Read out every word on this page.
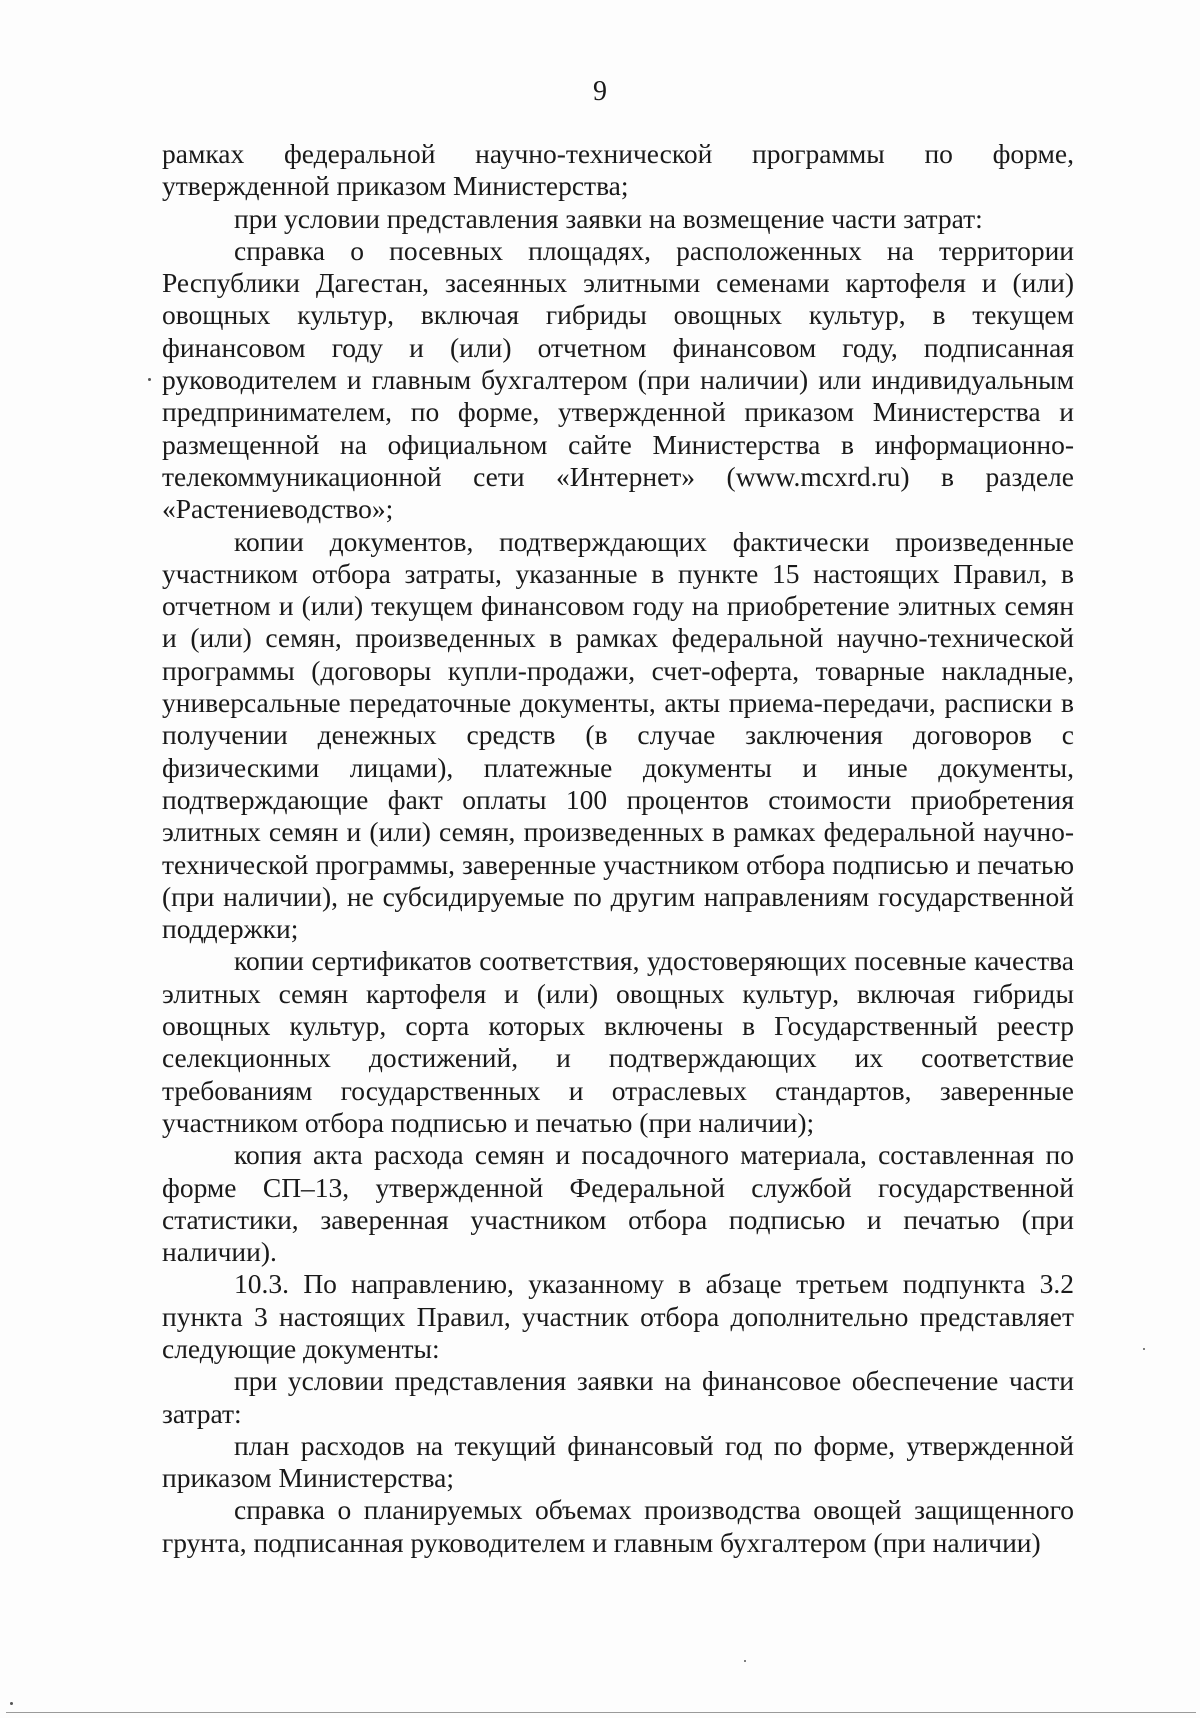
9

рамках федеральной научно-технической программы по форме, утвержденной приказом Министерства;

при условии представления заявки на возмещение части затрат:

справка о посевных площадях, расположенных на территории Республики Дагестан, засеянных элитными семенами картофеля и (или) овощных культур, включая гибриды овощных культур, в текущем финансовом году и (или) отчетном финансовом году, подписанная руководителем и главным бухгалтером (при наличии) или индивидуальным предпринимателем, по форме, утвержденной приказом Министерства и размещенной на официальном сайте Министерства в информационно-телекоммуникационной сети «Интернет» (www.mcxrd.ru) в разделе «Растениеводство»;

копии документов, подтверждающих фактически произведенные участником отбора затраты, указанные в пункте 15 настоящих Правил, в отчетном и (или) текущем финансовом году на приобретение элитных семян и (или) семян, произведенных в рамках федеральной научно-технической программы (договоры купли-продажи, счет-оферта, товарные накладные, универсальные передаточные документы, акты приема-передачи, расписки в получении денежных средств (в случае заключения договоров с физическими лицами), платежные документы и иные документы, подтверждающие факт оплаты 100 процентов стоимости приобретения элитных семян и (или) семян, произведенных в рамках федеральной научно-технической программы, заверенные участником отбора подписью и печатью (при наличии), не субсидируемые по другим направлениям государственной поддержки;

копии сертификатов соответствия, удостоверяющих посевные качества элитных семян картофеля и (или) овощных культур, включая гибриды овощных культур, сорта которых включены в Государственный реестр селекционных достижений, и подтверждающих их соответствие требованиям государственных и отраслевых стандартов, заверенные участником отбора подписью и печатью (при наличии);

копия акта расхода семян и посадочного материала, составленная по форме СП–13, утвержденной Федеральной службой государственной статистики, заверенная участником отбора подписью и печатью (при наличии).

10.3. По направлению, указанному в абзаце третьем подпункта 3.2 пункта 3 настоящих Правил, участник отбора дополнительно представляет следующие документы:

при условии представления заявки на финансовое обеспечение части затрат:

план расходов на текущий финансовый год по форме, утвержденной приказом Министерства;

справка о планируемых объемах производства овощей защищенного грунта, подписанная руководителем и главным бухгалтером (при наличии)
